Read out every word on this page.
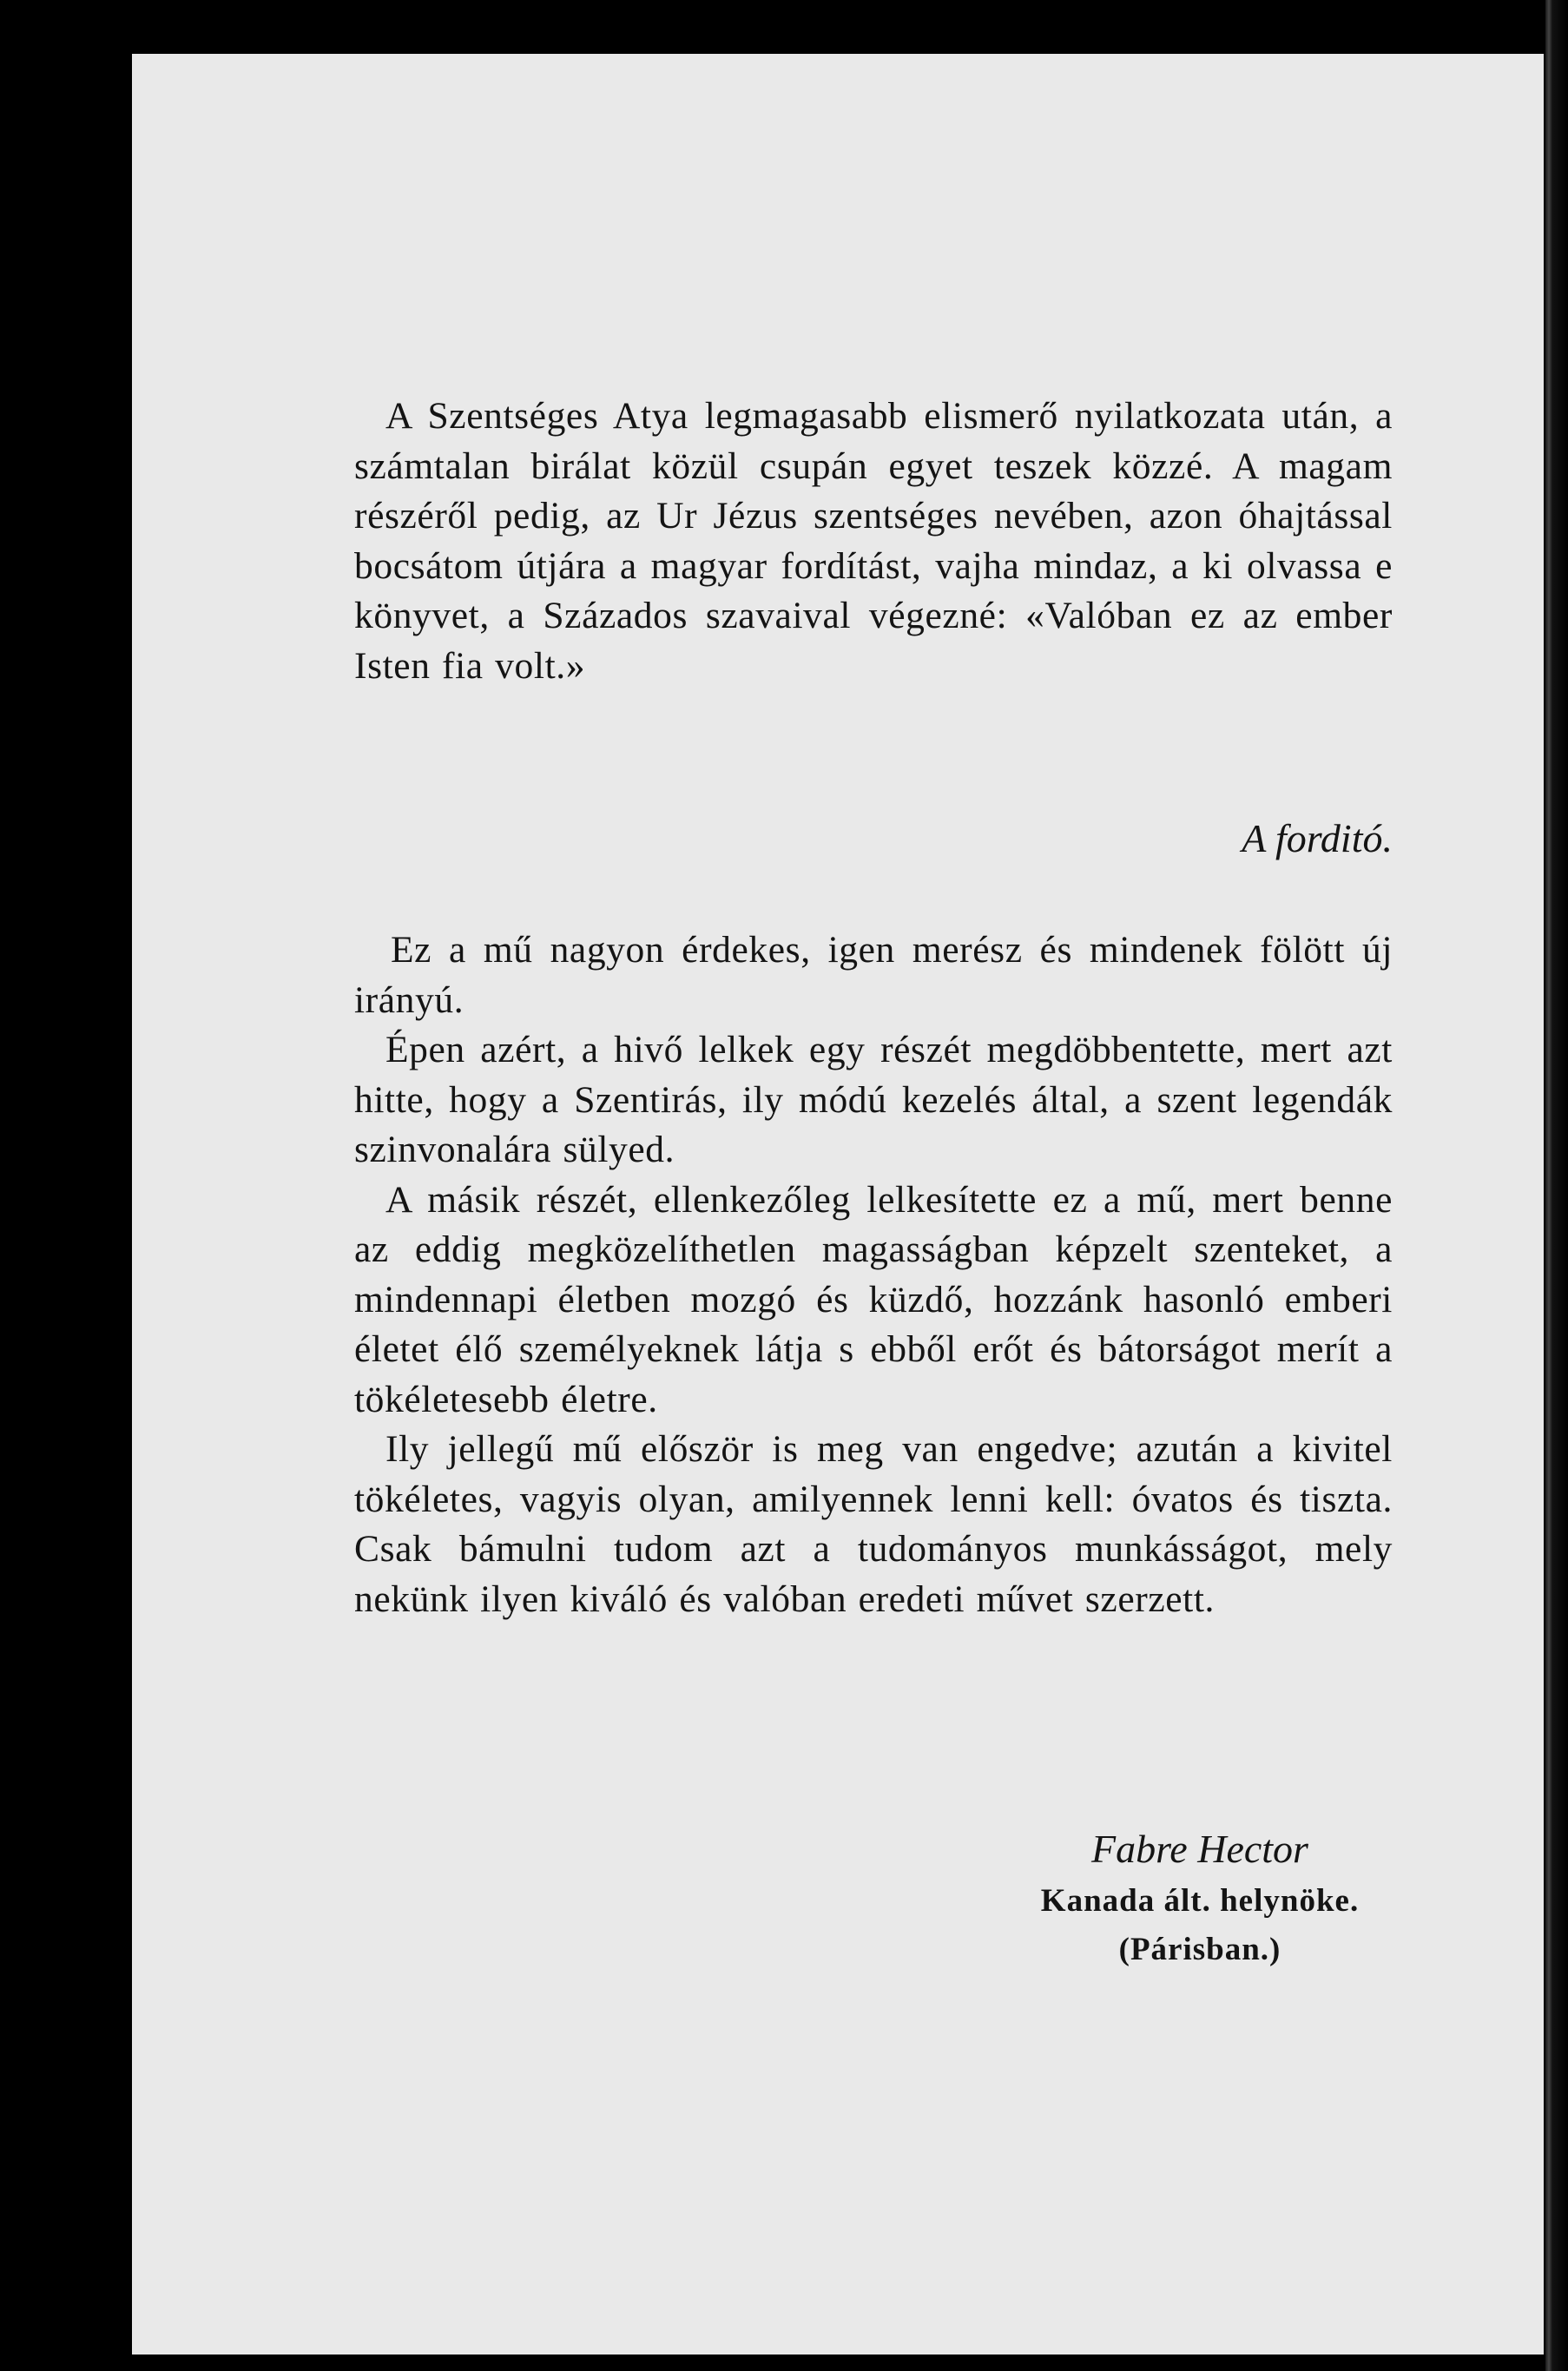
A Szentséges Atya legmagasabb elismerő nyilatkozata után, a számtalan birálat közül csupán egyet teszek közzé. A magam részéről pedig, az Ur Jézus szentséges nevében, azon óhajtással bocsátom útjára a magyar fordítást, vajha mindaz, a ki olvassa e könyvet, a Százados szavaival végezné: «Valóban ez az ember Isten fia volt.»

A forditó.

Ez a mű nagyon érdekes, igen merész és mindenek fölött új irányú.

Épen azért, a hivő lelkek egy részét megdöbbentette, mert azt hitte, hogy a Szentirás, ily módú kezelés által, a szent legendák szinvonalára sülyed.

A másik részét, ellenkezőleg lelkesítette ez a mű, mert benne az eddig megközelíthetlen magasságban képzelt szenteket, a mindennapi életben mozgó és küzdő, hozzánk hasonló emberi életet élő személyeknek látja s ebből erőt és bátorságot merít a tökéletesebb életre.

Ily jellegű mű először is meg van engedve; azután a kivitel tökéletes, vagyis olyan, amilyennek lenni kell: óvatos és tiszta. Csak bámulni tudom azt a tudományos munkásságot, mely nekünk ilyen kiváló és valóban eredeti művet szerzett.

Fabre Hector
Kanada ált. helynöke.
(Párisban.)
